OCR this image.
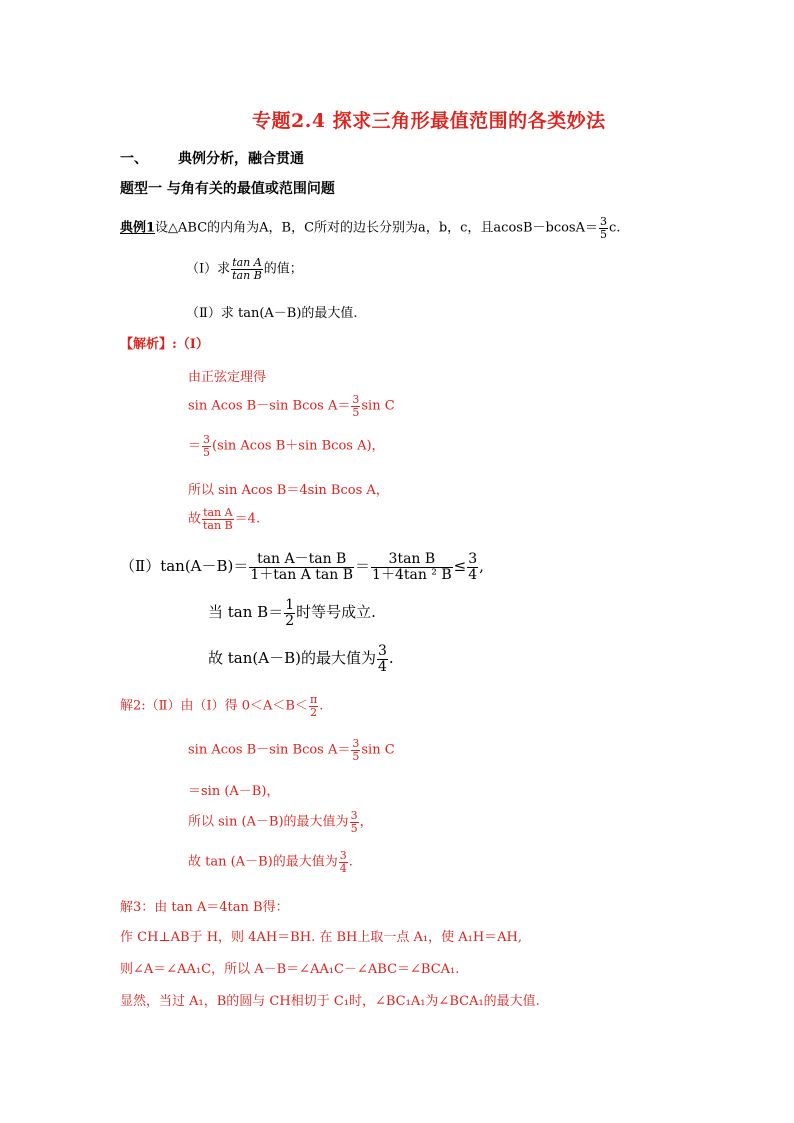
专题2.4 探求三角形最值范围的各类妙法
一、 典例分析，融合贯通
题型一 与角有关的最值或范围问题
典例1设△ABC的内角为A，B，C所对的边长分别为a，b，c，且$acosB-bcosA= \frac{3}{5} c$.
（Ⅰ）求 $\frac{\text{tan A}}{\text{tan B}}$ 的值；
（Ⅱ）求 tan(A－B)的最大值.
【解析】:（Ⅰ）
由正弦定理得
sin Acos B－sin Bcos $A= \frac{3}{5}$ sin C
＝ $\frac{3}{5} (\sin$ Acos B＋sin Bcos A)，
所以 sin Acos B＝4sin Bcos A，
故 $\frac{\text{tan A}}{\text{tan B}} =4$.
（Ⅱ）tan(A－B)＝ $\frac{\text{tan A－tan B}}{\text{1＋tan A tan B}} = \frac{\text{3tan B}}{\text{1＋4tan ² B}} \le \frac{3}{4}$ ,
当 $\tan B= \frac{1}{2}$ 时等号成立.
故 tan(A－B)的最大值为 $\frac{3}{4}$ .
解2:（Ⅱ）由（Ⅰ）得 $0<A<B< \frac{\pi}{2}$ .
sin Acos B－sin Bcos $A= \frac{3}{5}$ sin C
＝sin (A－B)，
所以 sin (A－B)的最大值为 $\frac{3}{5}$ ，
故 tan (A－B)的最大值为 $\frac{3}{4}$ .
解3：由 tan A＝4tan B得：
作 CH⊥AB于 H，则 4AH＝BH. 在 BH上取一点 A₁，使 A₁H＝AH,
则∠A＝∠AA₁C，所以 A－B＝∠AA₁C－∠ABC＝∠BCA₁.
显然，当过 A₁，B的圆与 CH相切于 C₁时，∠BC₁A₁为∠BCA₁的最大值.
